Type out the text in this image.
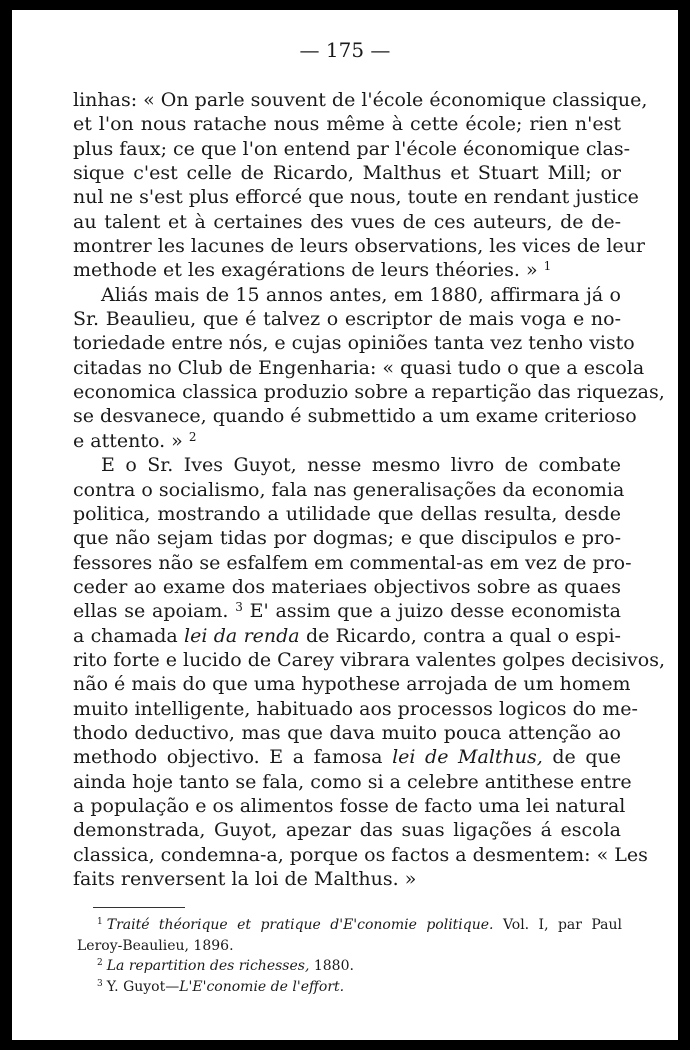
— 175 —
linhas: « On parle souvent de l'école économique classique,
et l'on nous ratache nous même à cette école; rien n'est
plus faux; ce que l'on entend par l'école économique clas-
sique c'est celle de Ricardo, Malthus et Stuart Mill; or
nul ne s'est plus efforcé que nous, toute en rendant justice
au talent et à certaines des vues de ces auteurs, de de-
montrer les lacunes de leurs observations, les vices de leur
methode et les exagérations de leurs théories. » $^1$
Aliás mais de 15 annos antes, em 1880, affirmara já o
Sr. Beaulieu, que é talvez o escriptor de mais voga e no-
toriedade entre nós, e cujas opiniões tanta vez tenho visto
citadas no Club de Engenharia: « quasi tudo o que a escola
economica classica produzio sobre a repartição das riquezas,
se desvanece, quando é submettido a um exame criterioso
e attento. » $^2$
E o Sr. Ives Guyot, nesse mesmo livro de combate
contra o socialismo, fala nas generalisações da economia
politica, mostrando a utilidade que dellas resulta, desde
que não sejam tidas por dogmas; e que discipulos e pro-
fessores não se esfalfem em commental-as em vez de pro-
ceder ao exame dos materiaes objectivos sobre as quaes
ellas se apoiam. $^3$ E' assim que a juizo desse economista
a chamada lei da renda de Ricardo, contra a qual o espi-
rito forte e lucido de Carey vibrara valentes golpes decisivos,
não é mais do que uma hypothese arrojada de um homem
muito intelligente, habituado aos processos logicos do me-
thodo deductivo, mas que dava muito pouca attenção ao
methodo objectivo. E a famosa lei de Malthus, de que
ainda hoje tanto se fala, como si a celebre antithese entre
a população e os alimentos fosse de facto uma lei natural
demonstrada, Guyot, apezar das suas ligações á escola
classica, condemna-a, porque os factos a desmentem: « Les
faits renversent la loi de Malthus. »
$^1$ Traité théorique et pratique d'E'conomie politique. Vol. I, par Paul
Leroy-Beaulieu, 1896.
$^2$ La repartition des richesses, 1880.
$^3$ Y. Guyot—L'E'conomie de l'effort.
